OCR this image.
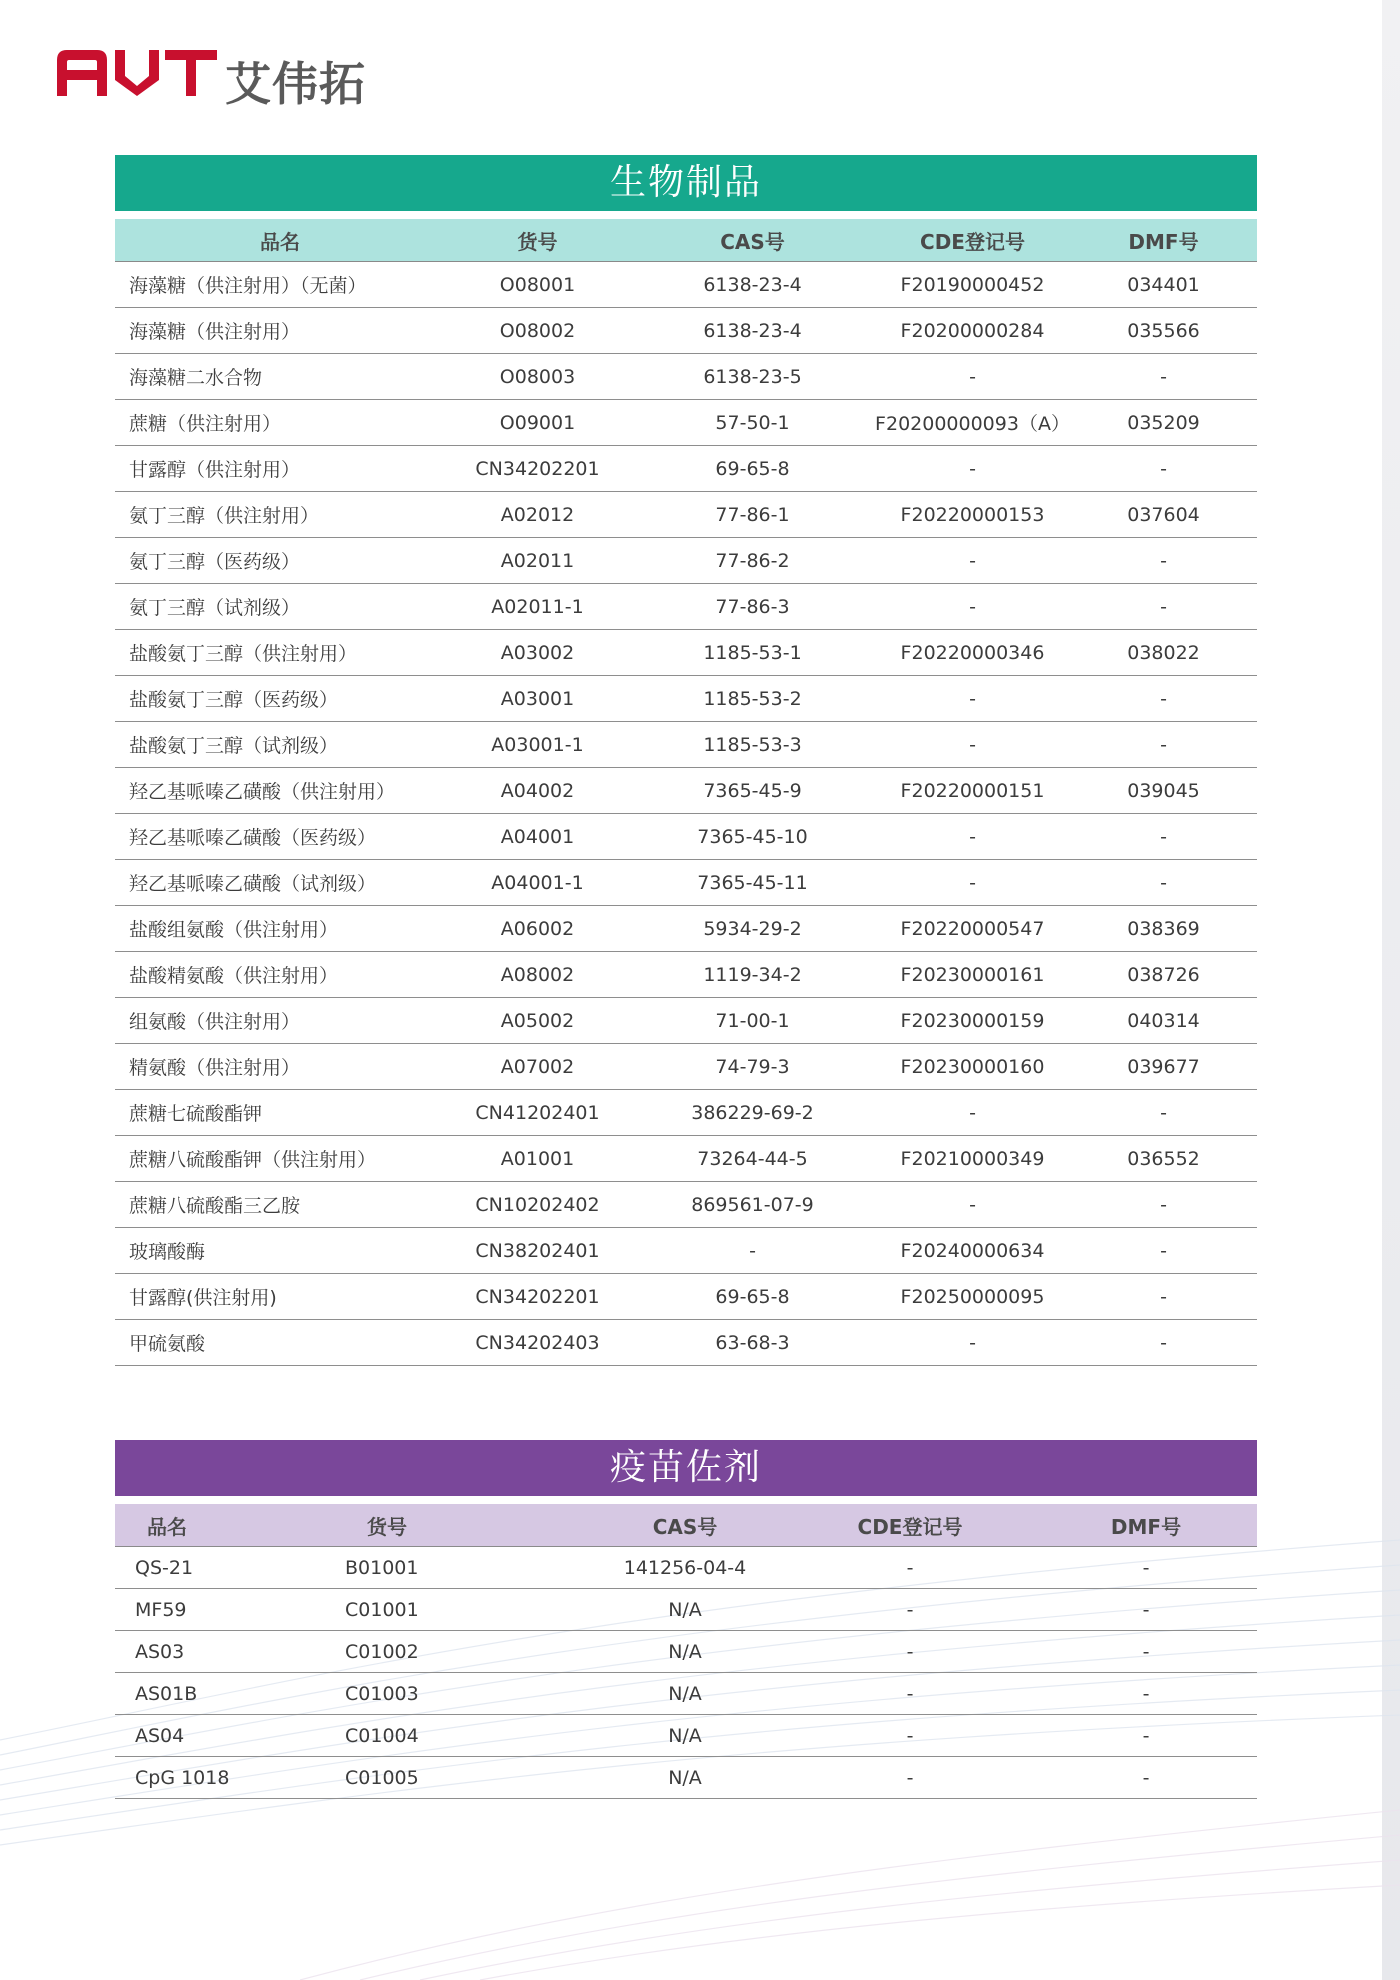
艾伟拓
生物制品
品名	货号	CAS号	CDE登记号	DMF号
海藻糖（供注射用）（无菌）	O08001	6138-23-4	F20190000452	034401
海藻糖（供注射用）	O08002	6138-23-4	F20200000284	035566
海藻糖二水合物	O08003	6138-23-5	-	-
蔗糖（供注射用）	O09001	57-50-1	F20200000093（A）	035209
甘露醇（供注射用）	CN34202201	69-65-8	-	-
氨丁三醇（供注射用）	A02012	77-86-1	F20220000153	037604
氨丁三醇（医药级）	A02011	77-86-2	-	-
氨丁三醇（试剂级）	A02011-1	77-86-3	-	-
盐酸氨丁三醇（供注射用）	A03002	1185-53-1	F20220000346	038022
盐酸氨丁三醇（医药级）	A03001	1185-53-2	-	-
盐酸氨丁三醇（试剂级）	A03001-1	1185-53-3	-	-
羟乙基哌嗪乙磺酸（供注射用）	A04002	7365-45-9	F20220000151	039045
羟乙基哌嗪乙磺酸（医药级）	A04001	7365-45-10	-	-
羟乙基哌嗪乙磺酸（试剂级）	A04001-1	7365-45-11	-	-
盐酸组氨酸（供注射用）	A06002	5934-29-2	F20220000547	038369
盐酸精氨酸（供注射用）	A08002	1119-34-2	F20230000161	038726
组氨酸（供注射用）	A05002	71-00-1	F20230000159	040314
精氨酸（供注射用）	A07002	74-79-3	F20230000160	039677
蔗糖七硫酸酯钾	CN41202401	386229-69-2	-	-
蔗糖八硫酸酯钾（供注射用）	A01001	73264-44-5	F20210000349	036552
蔗糖八硫酸酯三乙胺	CN10202402	869561-07-9	-	-
玻璃酸酶	CN38202401	-	F20240000634	-
甘露醇(供注射用)	CN34202201	69-65-8	F20250000095	-
甲硫氨酸	CN34202403	63-68-3	-	-
疫苗佐剂
品名	货号	CAS号	CDE登记号	DMF号
QS-21	B01001	141256-04-4	-	-
MF59	C01001	N/A	-	-
AS03	C01002	N/A	-	-
AS01B	C01003	N/A	-	-
AS04	C01004	N/A	-	-
CpG 1018	C01005	N/A	-	-
